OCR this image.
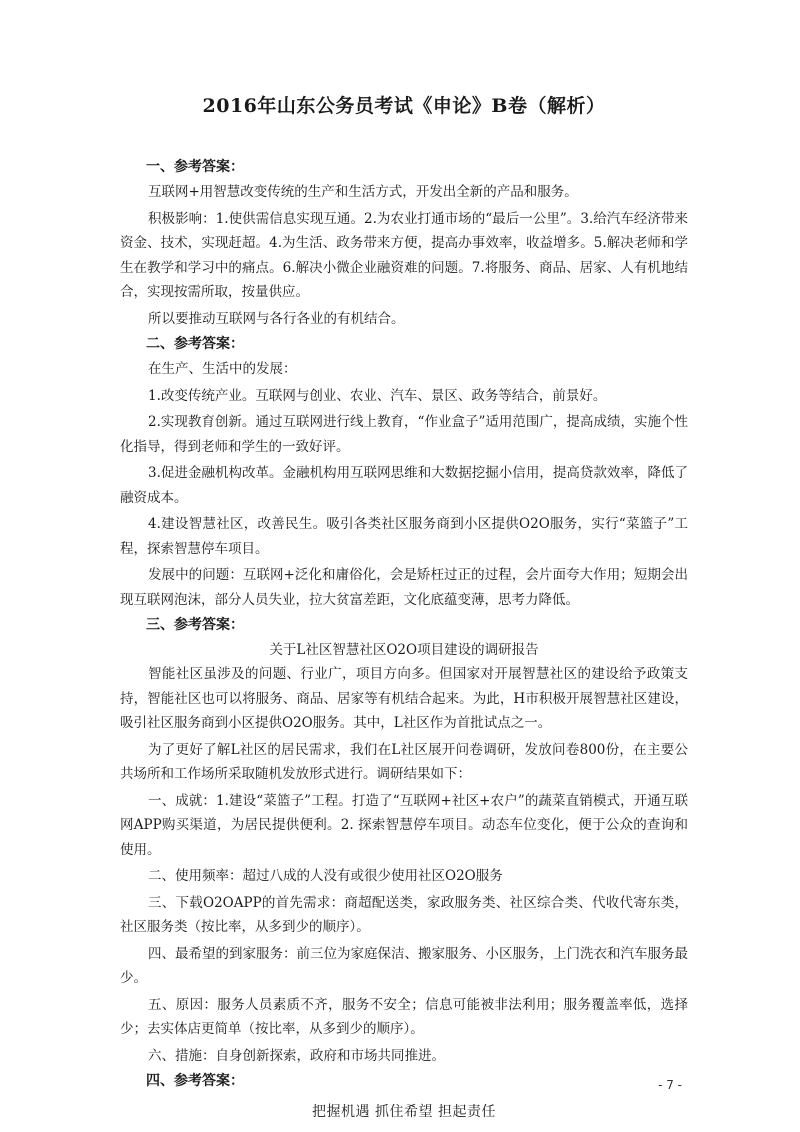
2016年山东公务员考试《申论》B卷（解析）
一、参考答案：

互联网+用智慧改变传统的生产和生活方式，开发出全新的产品和服务。

积极影响：1.使供需信息实现互通。2.为农业打通市场的“最后一公里”。3.给汽车经济带来资金、技术，实现赶超。4.为生活、政务带来方便，提高办事效率，收益增多。5.解决老师和学生在教学和学习中的痛点。6.解决小微企业融资难的问题。7.将服务、商品、居家、人有机地结合，实现按需所取，按量供应。

所以要推动互联网与各行各业的有机结合。

二、参考答案：

在生产、生活中的发展：

1.改变传统产业。互联网与创业、农业、汽车、景区、政务等结合，前景好。

2.实现教育创新。通过互联网进行线上教育，“作业盒子”适用范围广，提高成绩，实施个性化指导，得到老师和学生的一致好评。

3.促进金融机构改革。金融机构用互联网思维和大数据挖掘小信用，提高贷款效率，降低了融资成本。

4.建设智慧社区，改善民生。吸引各类社区服务商到小区提供O2O服务，实行“菜篮子”工程，探索智慧停车项目。

发展中的问题：互联网+泛化和庸俗化，会是矫枉过正的过程，会片面夸大作用；短期会出现互联网泡沫，部分人员失业，拉大贫富差距，文化底蕴变薄，思考力降低。

三、参考答案：
关于L社区智慧社区O2O项目建设的调研报告

智能社区虽涉及的问题、行业广，项目方向多。但国家对开展智慧社区的建设给予政策支持，智能社区也可以将服务、商品、居家等有机结合起来。为此，H市积极开展智慧社区建设，吸引社区服务商到小区提供O2O服务。其中，L社区作为首批试点之一。

为了更好了解L社区的居民需求，我们在L社区展开问卷调研，发放问卷800份，在主要公共场所和工作场所采取随机发放形式进行。调研结果如下：

一、成就：1.建设“菜篮子”工程。打造了“互联网+社区+农户”的蔬菜直销模式，开通互联网APP购买渠道，为居民提供便利。2. 探索智慧停车项目。动态车位变化，便于公众的查询和使用。

二、使用频率：超过八成的人没有或很少使用社区O2O服务

三、下载O2OAPP的首先需求：商超配送类，家政服务类、社区综合类、代收代寄东类，社区服务类（按比率，从多到少的顺序）。

四、最希望的到家服务：前三位为家庭保洁、搬家服务、小区服务，上门洗衣和汽车服务最少。

五、原因：服务人员素质不齐，服务不安全；信息可能被非法利用；服务覆盖率低，选择少；去实体店更简单（按比率，从多到少的顺序）。

六、措施：自身创新探索，政府和市场共同推进。

四、参考答案：
把握机遇 抓住希望 担起责任
- 7 -
